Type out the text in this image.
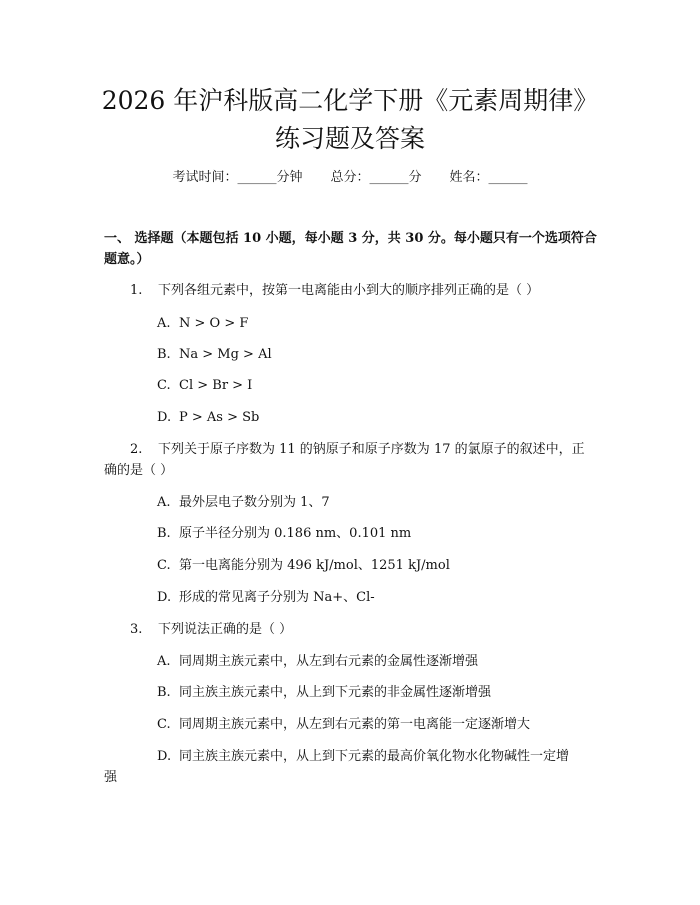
2026 年沪科版高二化学下册《元素周期律》
练习题及答案
考试时间：______分钟 总分：______分 姓名：______
一、 选择题（本题包括 10 小题，每小题 3 分，共 30 分。每小题只有一个选项符合题意。）
1. 下列各组元素中，按第一电离能由小到大的顺序排列正确的是（ ）
A. N > O > F
B. Na > Mg > Al
C. Cl > Br > I
D. P > As > Sb
2. 下列关于原子序数为 11 的钠原子和原子序数为 17 的氯原子的叙述中，正
确的是（ ）
A. 最外层电子数分别为 1、7
B. 原子半径分别为 0.186 nm、0.101 nm
C. 第一电离能分别为 496 kJ/mol、1251 kJ/mol
D. 形成的常见离子分别为 Na+、Cl-
3. 下列说法正确的是（ ）
A. 同周期主族元素中，从左到右元素的金属性逐渐增强
B. 同主族主族元素中，从上到下元素的非金属性逐渐增强
C. 同周期主族元素中，从左到右元素的第一电离能一定逐渐增大
D. 同主族主族元素中，从上到下元素的最高价氧化物水化物碱性一定增
强
